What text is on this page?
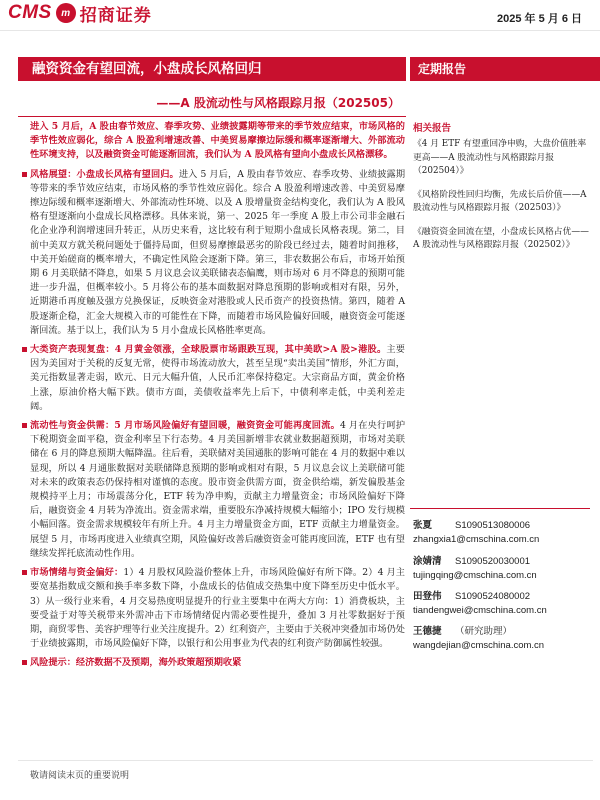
CMS m 招商证券	2025 年 5 月 6 日
融资资金有望回流，小盘成长风格回归
——A 股流动性与风格跟踪月报（202505）
定期报告

进入 5 月后，A 股由春节效应、春季攻势、业绩披露期等带来的季节效应结束，市场风格的季节性效应弱化，综合 A 股盈利增速改善、中美贸易摩擦边际缓和概率逐渐增大、外部流动性环境支持，以及融资资金可能逐渐回流，我们认为 A 股风格有望向小盘成长风格漂移。

风格展望：小盘成长风格有望回归。进入 5 月后，A 股由春节效应、春季攻势、业绩披露期等带来的季节效应结束，市场风格的季节性效应弱化。综合 A 股盈利增速改善、中美贸易摩擦边际缓和概率逐渐增大、外部流动性环境、以及 A 股增量资金结构变化，我们认为 A 股风格有望逐渐向小盘成长风格漂移。具体来说，第一、2025 年一季度 A 股上市公司非金融石化企业净利润增速回升转正，从历史来看，这比较有利于短期小盘成长风格表现。第二，目前中美双方就关税问题处于僵持局面，但贸易摩擦最恶劣的阶段已经过去，随着时间推移，中美开始磋商的概率增大，不确定性风险会逐渐下降。第三，非农数据公布后，市场开始预期 6 月美联储不降息，如果 5 月议息会议美联储表态偏鹰，则市场对 6 月不降息的预期可能进一步升温，但概率较小。5 月将公布的基本面数据对降息预期的影响或相对有限，另外，近期港币再度触及强方兑换保证，反映资金对港股或人民币资产的投资热情。第四，随着 A 股逐渐企稳，汇金大规模入市的可能性在下降，而随着市场风险偏好回暖，融资资金可能逐渐回流。基于以上，我们认为 5 月小盘成长风格胜率更高。
大类资产表现复盘：4 月黄金领涨，全球股票市场跟跌互现，其中美欧>A 股>港股。主要因为美国对于关税的反复无常，使得市场流动放大，甚至呈现“卖出美国”情形，外汇方面，美元指数显著走弱，欧元、日元大幅升值，人民币汇率保持稳定。大宗商品方面，黄金价格上涨，原油价格大幅下跌。债市方面，美债收益率先上后下，中债利率走低，中美利差走阔。
流动性与资金供需：5 月市场风险偏好有望回暖，融资资金可能再度回流。4 月在央行呵护下税期资金面平稳，资金利率呈下行态势。4 月美国新增非农就业数据超预期，市场对美联储在 6 月的降息预期大幅降温。往后看，美联储对美国通胀的影响可能在 4 月的数据中难以显现，所以 4 月通胀数据对美联储降息预期的影响或相对有限，5 月议息会议上美联储可能对未来的政策表态仍保持相对谨慎的态度。股市资金供需方面，资金供给端，新发偏股基金规模持平上月；市场震荡分化，ETF 转为净申购，贡献主力增量资金；市场风险偏好下降后，融资资金 4 月转为净流出。资金需求端，重要股东净减持规模大幅缩小；IPO 发行规模小幅回落。资金需求规模较年有所上升。4 月主力增量资金方面，ETF 贡献主力增量资金。展望 5 月，市场再度进入业绩真空期，风险偏好改善后融资资金可能再度回流，ETF 也有望继续发挥托底流动性作用。
市场情绪与资金偏好：1）4 月股权风险溢价整体上升，市场风险偏好有所下降。2）4 月主要宽基指数成交额和换手率多数下降，小盘成长的估值成交热集中度下降至历史中低水平。3）从一级行业来看，4 月交易热度明显提升的行业主要集中在两大方向：1）消费板块，主要受益于对等关税带来外需冲击下市场情绪促内需必要性提升，叠加 3 月社零数据好于预期，商贸零售、美容护理等行业关注度提升。2）红利资产，主要由于关税冲突叠加市场仍处于业绩披露期，市场风险偏好下降，以银行和公用事业为代表的红利资产防御属性较强。
风险提示：经济数据不及预期，海外政策超预期收紧
相关报告
《4 月 ETF 有望重回净申购，大盘价值胜率更高——A 股流动性与风格跟踪月报（202504）》
《风格阶段性回归均衡，先成长后价值——A 股流动性与风格跟踪月报（202503）》
《融资资金回流在望，小盘成长风格占优——A 股流动性与风格跟踪月报（202502）》
张夏 S1090513080006
zhangxia1@cmschina.com.cn
涂婧清 S1090520030001
tujingqing@cmschina.com.cn
田登伟 S1090524080002
tiandengwei@cmschina.com.cn
王德捷 （研究助理）
wangdejian@cmschina.com.cn
敬请阅读末页的重要说明
